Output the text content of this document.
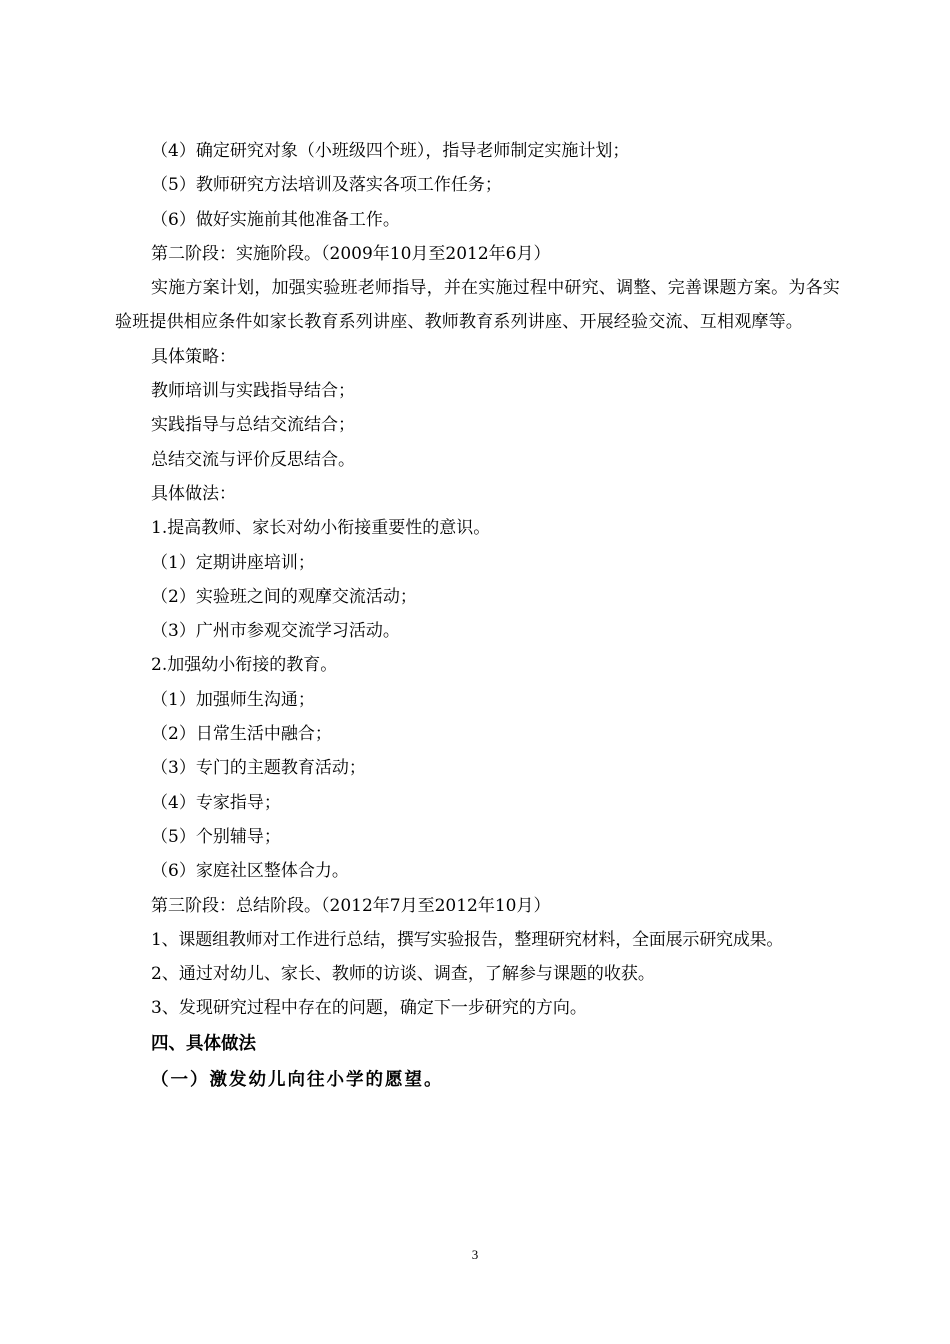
（4）确定研究对象（小班级四个班），指导老师制定实施计划；
（5）教师研究方法培训及落实各项工作任务；
（6）做好实施前其他准备工作。
第二阶段：实施阶段。（2009年10月至2012年6月）
实施方案计划，加强实验班老师指导，并在实施过程中研究、调整、完善课题方案。为各实验班提供相应条件如家长教育系列讲座、教师教育系列讲座、开展经验交流、互相观摩等。
具体策略：
教师培训与实践指导结合；
实践指导与总结交流结合；
总结交流与评价反思结合。
具体做法：
1.提高教师、家长对幼小衔接重要性的意识。
（1）定期讲座培训；
（2）实验班之间的观摩交流活动；
（3）广州市参观交流学习活动。
2.加强幼小衔接的教育。
（1）加强师生沟通；
（2）日常生活中融合；
（3）专门的主题教育活动；
（4）专家指导；
（5）个别辅导；
（6）家庭社区整体合力。
第三阶段：总结阶段。（2012年7月至2012年10月）
1、课题组教师对工作进行总结，撰写实验报告，整理研究材料，全面展示研究成果。
2、通过对幼儿、家长、教师的访谈、调查，了解参与课题的收获。
3、发现研究过程中存在的问题，确定下一步研究的方向。
四、具体做法
（一）激发幼儿向往小学的愿望。
3
